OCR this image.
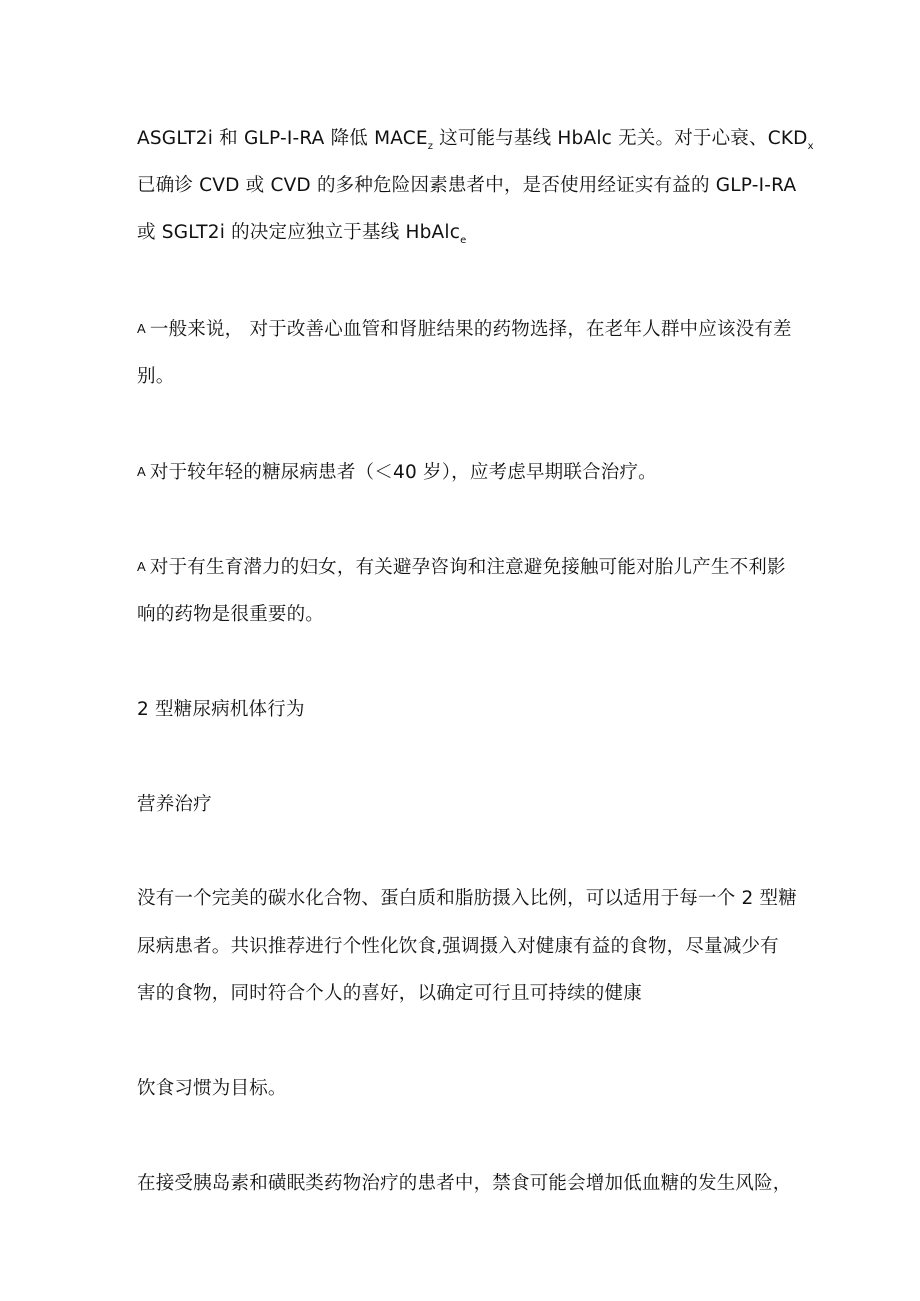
ASGLT2i 和 GLP-I-RA 降低 $MACE_z$ 这可能与基线 HbAlc 无关。对于心衰、$CKD_x$

已确诊 CVD 或 CVD 的多种危险因素患者中，是否使用经证实有益的 GLP-I-RA

或 SGLT2i 的决定应独立于基线 HbAlc$_e$

A 一般来说， 对于改善心血管和肾脏结果的药物选择，在老年人群中应该没有差

别。

A 对于较年轻的糖尿病患者（＜40 岁），应考虑早期联合治疗。

A 对于有生育潜力的妇女，有关避孕咨询和注意避免接触可能对胎儿产生不利影

响的药物是很重要的。

2 型糖尿病机体行为

营养治疗

没有一个完美的碳水化合物、蛋白质和脂肪摄入比例，可以适用于每一个 2 型糖

尿病患者。共识推荐进行个性化饮食,强调摄入对健康有益的食物，尽量减少有

害的食物，同时符合个人的喜好，以确定可行且可持续的健康

饮食习惯为目标。

在接受胰岛素和磺眠类药物治疗的患者中，禁食可能会增加低血糖的发生风险，
